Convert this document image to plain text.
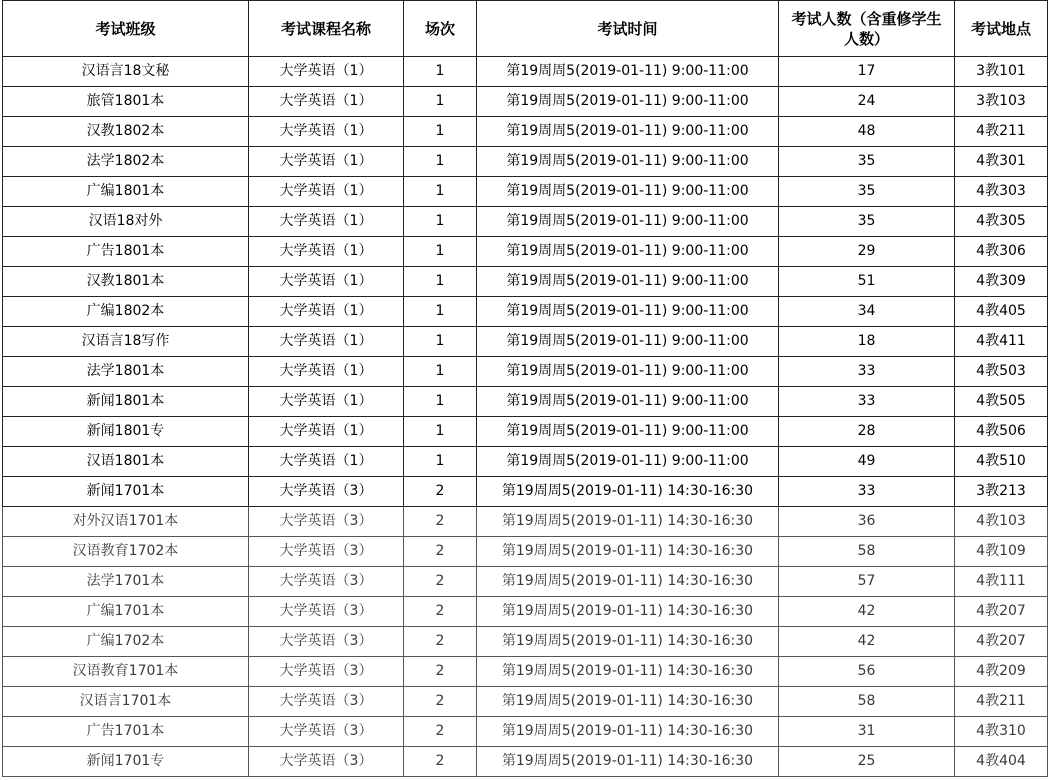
考试班级	考试课程名称	场次	考试时间	考试人数（含重修学生人数）	考试地点
汉语言18文秘	大学英语（1）	1	第19周周5(2019-01-11) 9:00-11:00	17	3教101
旅管1801本	大学英语（1）	1	第19周周5(2019-01-11) 9:00-11:00	24	3教103
汉教1802本	大学英语（1）	1	第19周周5(2019-01-11) 9:00-11:00	48	4教211
法学1802本	大学英语（1）	1	第19周周5(2019-01-11) 9:00-11:00	35	4教301
广编1801本	大学英语（1）	1	第19周周5(2019-01-11) 9:00-11:00	35	4教303
汉语18对外	大学英语（1）	1	第19周周5(2019-01-11) 9:00-11:00	35	4教305
广告1801本	大学英语（1）	1	第19周周5(2019-01-11) 9:00-11:00	29	4教306
汉教1801本	大学英语（1）	1	第19周周5(2019-01-11) 9:00-11:00	51	4教309
广编1802本	大学英语（1）	1	第19周周5(2019-01-11) 9:00-11:00	34	4教405
汉语言18写作	大学英语（1）	1	第19周周5(2019-01-11) 9:00-11:00	18	4教411
法学1801本	大学英语（1）	1	第19周周5(2019-01-11) 9:00-11:00	33	4教503
新闻1801本	大学英语（1）	1	第19周周5(2019-01-11) 9:00-11:00	33	4教505
新闻1801专	大学英语（1）	1	第19周周5(2019-01-11) 9:00-11:00	28	4教506
汉语1801本	大学英语（1）	1	第19周周5(2019-01-11) 9:00-11:00	49	4教510
新闻1701本	大学英语（3）	2	第19周周5(2019-01-11) 14:30-16:30	33	3教213
对外汉语1701本	大学英语（3）	2	第19周周5(2019-01-11) 14:30-16:30	36	4教103
汉语教育1702本	大学英语（3）	2	第19周周5(2019-01-11) 14:30-16:30	58	4教109
法学1701本	大学英语（3）	2	第19周周5(2019-01-11) 14:30-16:30	57	4教111
广编1701本	大学英语（3）	2	第19周周5(2019-01-11) 14:30-16:30	42	4教207
广编1702本	大学英语（3）	2	第19周周5(2019-01-11) 14:30-16:30	42	4教207
汉语教育1701本	大学英语（3）	2	第19周周5(2019-01-11) 14:30-16:30	56	4教209
汉语言1701本	大学英语（3）	2	第19周周5(2019-01-11) 14:30-16:30	58	4教211
广告1701本	大学英语（3）	2	第19周周5(2019-01-11) 14:30-16:30	31	4教310
新闻1701专	大学英语（3）	2	第19周周5(2019-01-11) 14:30-16:30	25	4教404
